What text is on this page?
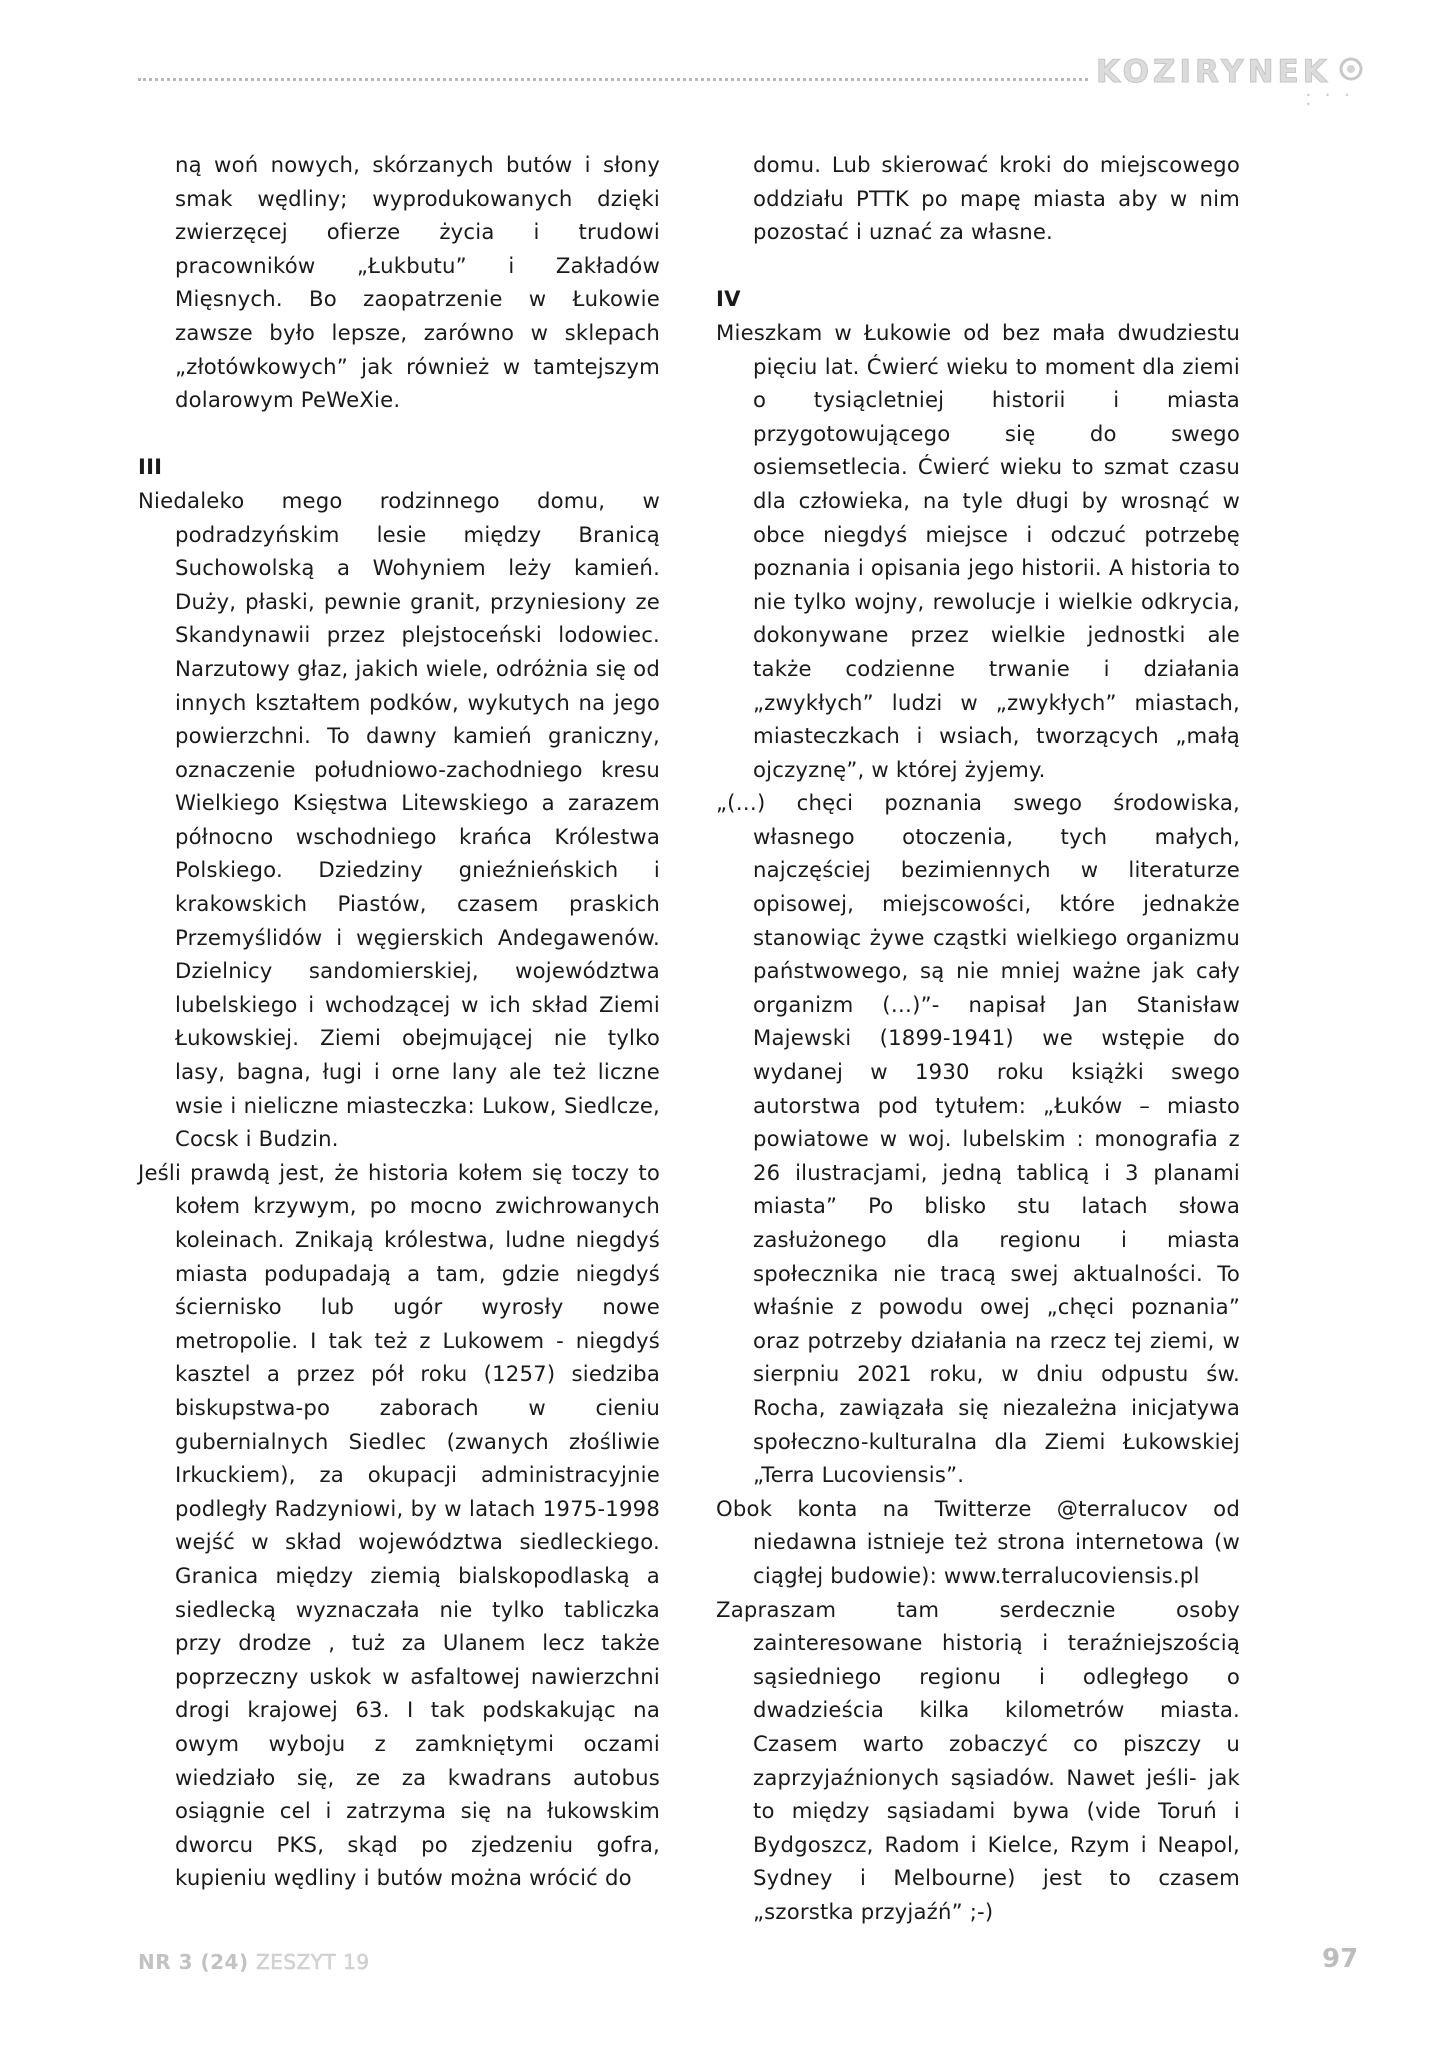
KOZIRYNEK
• • • •

ną woń nowych, skórzanych butów i słony smak wędliny; wyprodukowanych dzięki zwierzęcej ofierze życia i trudowi pracowników „Łukbutu” i Zakładów Mięsnych. Bo zaopatrzenie w Łukowie zawsze było lepsze, zarówno w sklepach „złotówkowych” jak również w tamtejszym dolarowym PeWeXie.

III

Niedaleko mego rodzinnego domu, w podradzyńskim lesie między Branicą Suchowolską a Wohyniem leży kamień. Duży, płaski, pewnie granit, przyniesiony ze Skandynawii przez plejstoceński lodowiec. Narzutowy głaz, jakich wiele, odróżnia się od innych kształtem podków, wykutych na jego powierzchni. To dawny kamień graniczny, oznaczenie południowo-zachodniego kresu Wielkiego Księstwa Litewskiego a zarazem północno wschodniego krańca Królestwa Polskiego. Dziedziny gnieźnieńskich i krakowskich Piastów, czasem praskich Przemyślidów i węgierskich Andegawenów. Dzielnicy sandomierskiej, województwa lubelskiego i wchodzącej w ich skład Ziemi Łukowskiej. Ziemi obejmującej nie tylko lasy, bagna, ługi i orne lany ale też liczne wsie i nieliczne miasteczka: Lukow, Siedlcze, Cocsk i Budzin.

Jeśli prawdą jest, że historia kołem się toczy to kołem krzywym, po mocno zwichrowanych koleinach. Znikają królestwa, ludne niegdyś miasta podupadają a tam, gdzie niegdyś ściernisko lub ugór wyrosły nowe metropolie. I tak też z Lukowem - niegdyś kasztel a przez pół roku (1257) siedziba biskupstwa-po zaborach w cieniu gubernialnych Siedlec (zwanych złośliwie Irkuckiem), za okupacji administracyjnie podległy Radzyniowi, by w latach 1975-1998 wejść w skład województwa siedleckiego. Granica między ziemią bialskopodlaską a siedlecką wyznaczała nie tylko tabliczka przy drodze , tuż za Ulanem lecz także poprzeczny uskok w asfaltowej nawierzchni drogi krajowej 63. I tak podskakując na owym wyboju z zamkniętymi oczami wiedziało się, ze za kwadrans autobus osiągnie cel i zatrzyma się na łukowskim dworcu PKS, skąd po zjedzeniu gofra, kupieniu wędliny i butów można wrócić do

domu. Lub skierować kroki do miejscowego oddziału PTTK po mapę miasta aby w nim pozostać i uznać za własne.

IV

Mieszkam w Łukowie od bez mała dwudziestu pięciu lat. Ćwierć wieku to moment dla ziemi o tysiącletniej historii i miasta przygotowującego się do swego osiemsetlecia. Ćwierć wieku to szmat czasu dla człowieka, na tyle długi by wrosnąć w obce niegdyś miejsce i odczuć potrzebę poznania i opisania jego historii. A historia to nie tylko wojny, rewolucje i wielkie odkrycia, dokonywane przez wielkie jednostki ale także codzienne trwanie i działania „zwykłych” ludzi w „zwykłych” miastach, miasteczkach i wsiach, tworzących „małą ojczyznę”, w której żyjemy.

„(…) chęci poznania swego środowiska, własnego otoczenia, tych małych, najczęściej bezimiennych w literaturze opisowej, miejscowości, które jednakże stanowiąc żywe cząstki wielkiego organizmu państwowego, są nie mniej ważne jak cały organizm (…)”- napisał Jan Stanisław Majewski (1899-1941) we wstępie do wydanej w 1930 roku książki swego autorstwa pod tytułem: „Łuków – miasto powiatowe w woj. lubelskim : monografia z 26 ilustracjami, jedną tablicą i 3 planami miasta” Po blisko stu latach słowa zasłużonego dla regionu i miasta społecznika nie tracą swej aktualności. To właśnie z powodu owej „chęci poznania” oraz potrzeby działania na rzecz tej ziemi, w sierpniu 2021 roku, w dniu odpustu św. Rocha, zawiązała się niezależna inicjatywa społeczno-kulturalna dla Ziemi Łukowskiej „Terra Lucoviensis”.

Obok konta na Twitterze @terralucov od niedawna istnieje też strona internetowa (w ciągłej budowie): www.terralucoviensis.pl

Zapraszam tam serdecznie osoby zainteresowane historią i teraźniejszością sąsiedniego regionu i odległego o dwadzieścia kilka kilometrów miasta. Czasem warto zobaczyć co piszczy u zaprzyjaźnionych sąsiadów. Nawet jeśli- jak to między sąsiadami bywa (vide Toruń i Bydgoszcz, Radom i Kielce, Rzym i Neapol, Sydney i Melbourne) jest to czasem „szorstka przyjaźń” ;-)

NR 3 (24) ZESZYT 19	97
